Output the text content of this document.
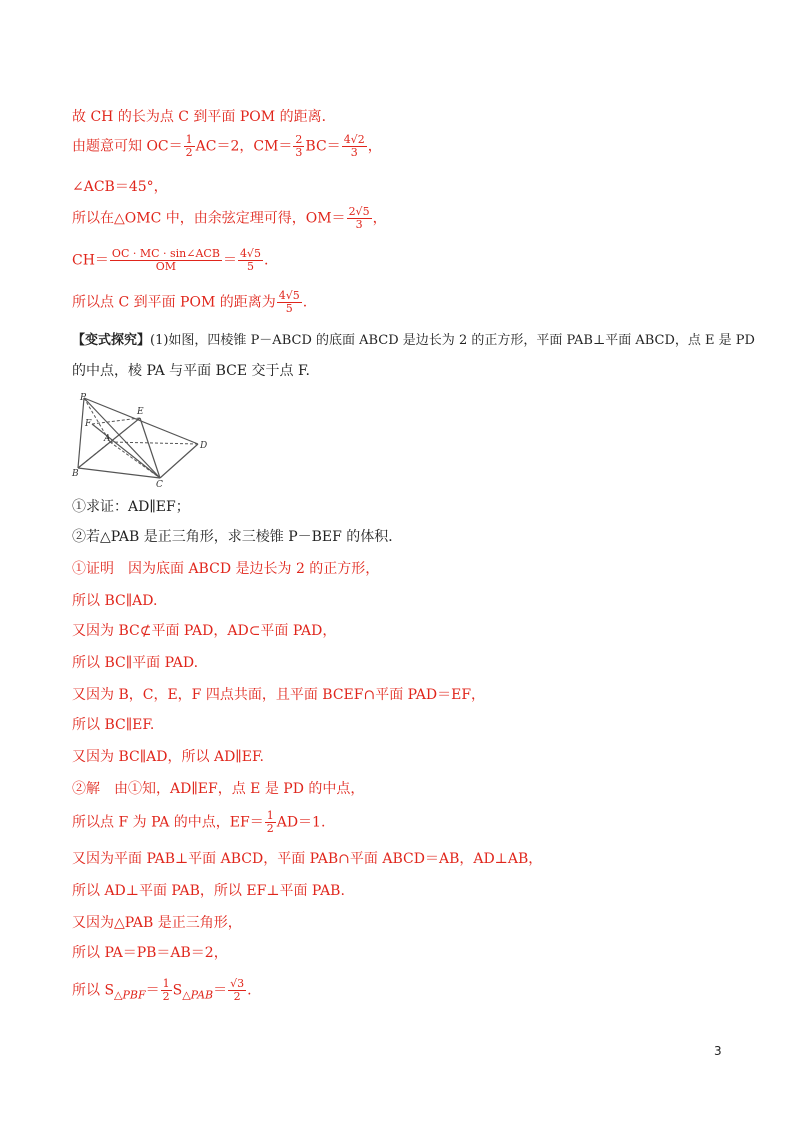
故 CH 的长为点 C 到平面 POM 的距离．
由题意可知 $OC= \frac{1}{2} AC=2$，$CM= \frac{2}{3} BC= \frac{4√2}{3}$ ，
∠ACB＝45°，
所以在△OMC 中，由余弦定理可得，$OM= \frac{2√5}{3}$ ，
$CH= \frac{\text{OC · MC · sin∠ACB}}{OM} = \frac{4√5}{5}$ .
所以点 C 到平面 POM 的距离为 $\frac{4√5}{5}$ .
【变式探究】(1)如图，四棱锥 P－ABCD 的底面 ABCD 是边长为 2 的正方形，平面 PAB⊥平面 ABCD，点 E 是 PD
的中点，棱 PA 与平面 BCE 交于点 F.
P
E
F
A
D
B
C
①求证：AD∥EF；
②若△PAB 是正三角形，求三棱锥 P－BEF 的体积．
①证明　因为底面 ABCD 是边长为 2 的正方形，
所以 BC∥AD.
又因为 BC⊄平面 PAD，AD⊂平面 PAD，
所以 BC∥平面 PAD.
又因为 B，C，E，F 四点共面，且平面 BCEF∩平面 PAD＝EF，
所以 BC∥EF.
又因为 BC∥AD，所以 AD∥EF.
②解　由①知，AD∥EF，点 E 是 PD 的中点，
所以点 F 为 PA 的中点，$EF= \frac{1}{2} AD=1$.
又因为平面 PAB⊥平面 ABCD，平面 PAB∩平面 ABCD＝AB，AD⊥AB，
所以 AD⊥平面 PAB，所以 EF⊥平面 PAB.
又因为△PAB 是正三角形，
所以 PA＝PB＝AB＝2，
所以 $S_{\triangle PBF}= \frac{1}{2} S_{\triangle PAB}= \frac{√3}{2}$ .
3
